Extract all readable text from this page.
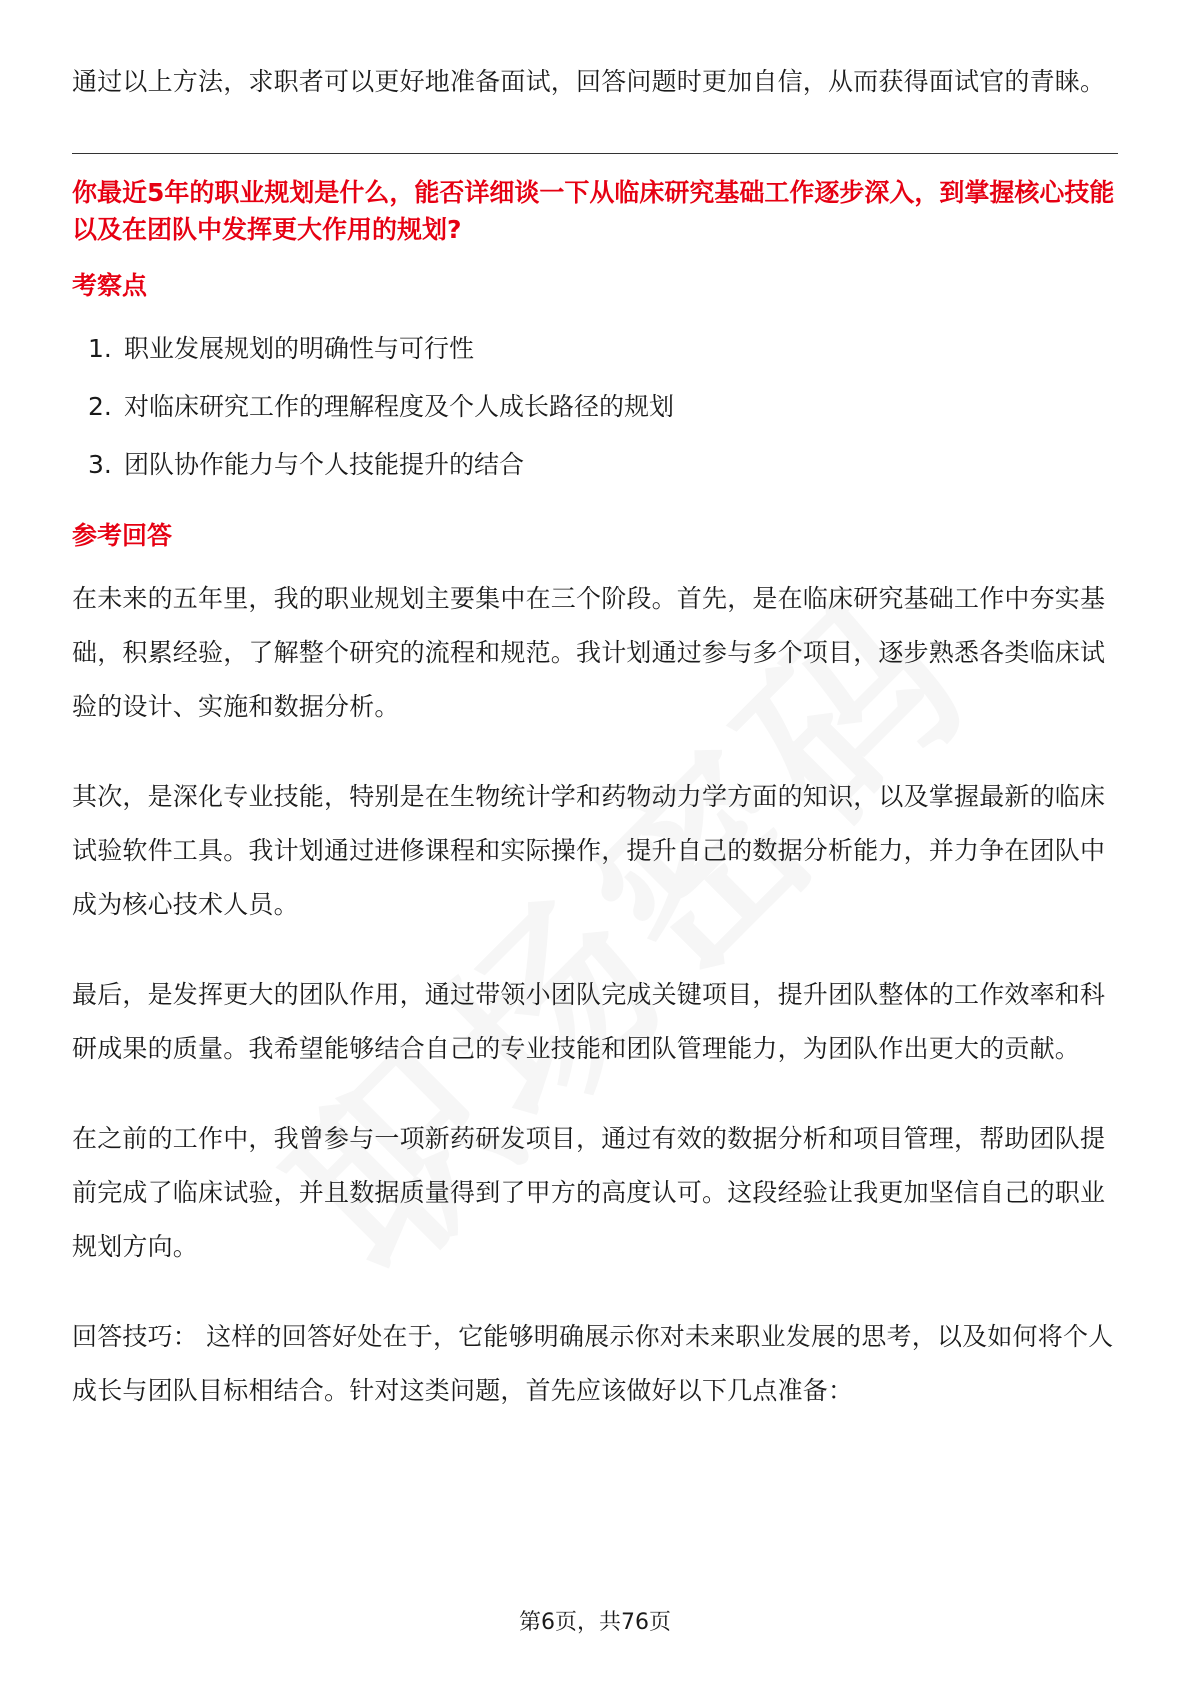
通过以上方法，求职者可以更好地准备面试，回答问题时更加自信，从而获得面试官的青睐。

你最近5年的职业规划是什么，能否详细谈一下从临床研究基础工作逐步深入，到掌握核心技能以及在团队中发挥更大作用的规划?
考察点
1. 职业发展规划的明确性与可行性
2. 对临床研究工作的理解程度及个人成长路径的规划
3. 团队协作能力与个人技能提升的结合
参考回答

在未来的五年里，我的职业规划主要集中在三个阶段。首先，是在临床研究基础工作中夯实基础，积累经验，了解整个研究的流程和规范。我计划通过参与多个项目，逐步熟悉各类临床试验的设计、实施和数据分析。

其次，是深化专业技能，特别是在生物统计学和药物动力学方面的知识，以及掌握最新的临床试验软件工具。我计划通过进修课程和实际操作，提升自己的数据分析能力，并力争在团队中成为核心技术人员。

最后，是发挥更大的团队作用，通过带领小团队完成关键项目，提升团队整体的工作效率和科研成果的质量。我希望能够结合自己的专业技能和团队管理能力，为团队作出更大的贡献。

在之前的工作中，我曾参与一项新药研发项目，通过有效的数据分析和项目管理，帮助团队提前完成了临床试验，并且数据质量得到了甲方的高度认可。这段经验让我更加坚信自己的职业规划方向。

回答技巧： 这样的回答好处在于，它能够明确展示你对未来职业发展的思考，以及如何将个人成长与团队目标相结合。针对这类问题，首先应该做好以下几点准备：

第6页，共76页
